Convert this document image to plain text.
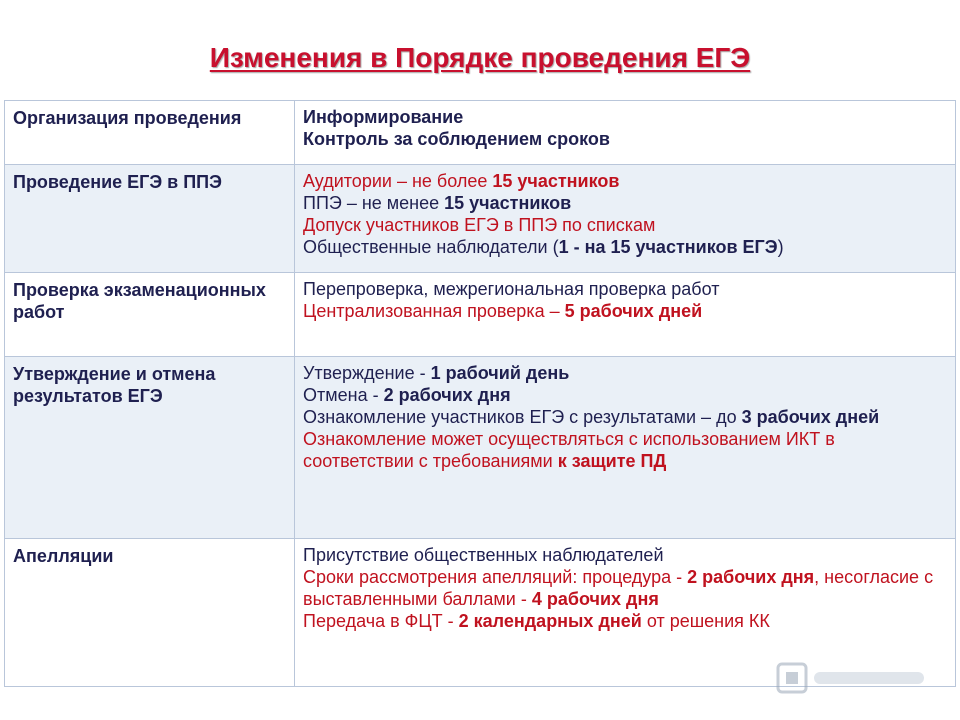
Изменения в Порядке проведения ЕГЭ
Организация проведения	Информирование
Контроль за соблюдением сроков

Проведение ЕГЭ в ППЭ	Аудитории – не более 15 участников
ППЭ – не менее 15 участников
Допуск участников ЕГЭ в ППЭ по спискам
Общественные наблюдатели (1 - на 15 участников ЕГЭ)

Проверка экзаменационных работ	Перепроверка, межрегиональная проверка работ
Централизованная проверка – 5 рабочих дней

Утверждение и отмена результатов ЕГЭ	Утверждение - 1 рабочий день
Отмена - 2 рабочих дня
Ознакомление участников ЕГЭ с результатами – до 3 рабочих дней
Ознакомление может осуществляться с использованием ИКТ в соответствии с требованиями к защите ПД

Апелляции	Присутствие общественных наблюдателей
Сроки рассмотрения апелляций: процедура - 2 рабочих дня, несогласие с выставленными баллами - 4 рабочих дня
Передача в ФЦТ - 2 календарных дней от решения КК
